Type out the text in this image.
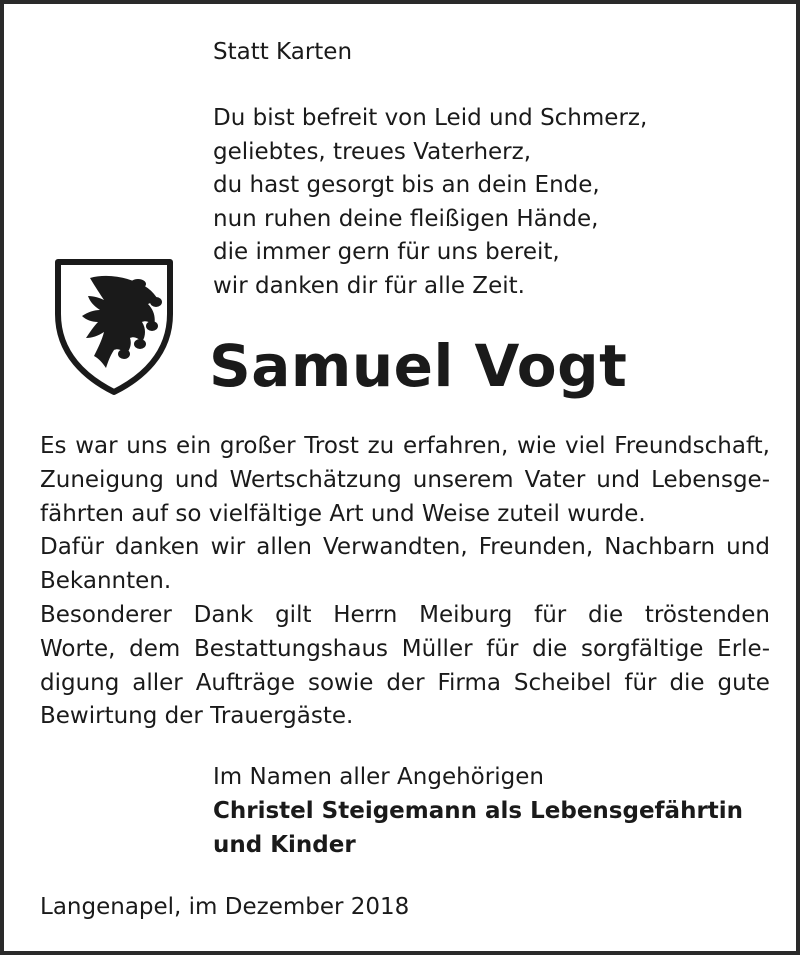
Statt Karten
Du bist befreit von Leid und Schmerz,
geliebtes, treues Vaterherz,
du hast gesorgt bis an dein Ende,
nun ruhen deine fleißigen Hände,
die immer gern für uns bereit,
wir danken dir für alle Zeit.
Samuel Vogt
Es war uns ein großer Trost zu erfahren, wie viel Freundschaft,
Zuneigung und Wertschätzung unserem Vater und Lebensge-
fährten auf so vielfältige Art und Weise zuteil wurde.
Dafür danken wir allen Verwandten, Freunden, Nachbarn und
Bekannten.
Besonderer Dank gilt Herrn Meiburg für die tröstenden
Worte, dem Bestattungshaus Müller für die sorgfältige Erle-
digung aller Aufträge sowie der Firma Scheibel für die gute
Bewirtung der Trauergäste.
Im Namen aller Angehörigen
Christel Steigemann als Lebensgefährtin
und Kinder
Langenapel, im Dezember 2018
